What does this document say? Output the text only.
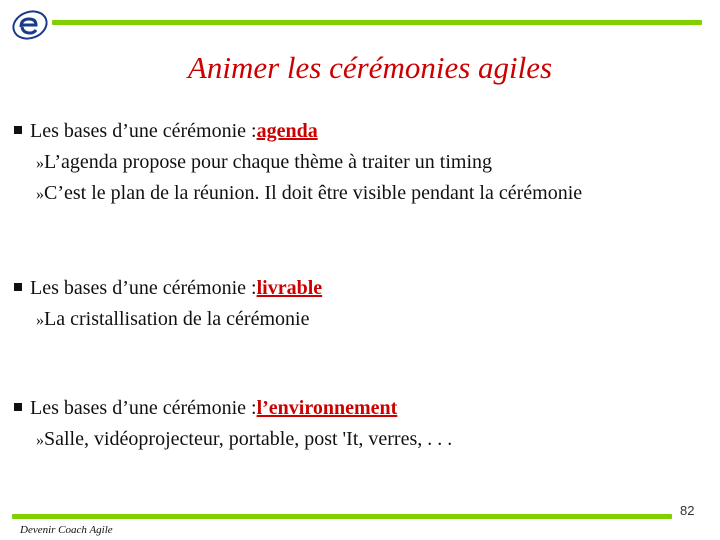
Animer les cérémonies agiles
Les bases d’une cérémonie : agenda
»L’agenda propose pour chaque thème à traiter un timing
»C’est le plan de la réunion. Il doit être visible pendant la cérémonie
Les bases d’une cérémonie : livrable
»La cristallisation de la cérémonie
Les bases d’une cérémonie : l’environnement
»Salle, vidéoprojecteur, portable, post 'It, verres, . . .
82
Devenir Coach Agile
